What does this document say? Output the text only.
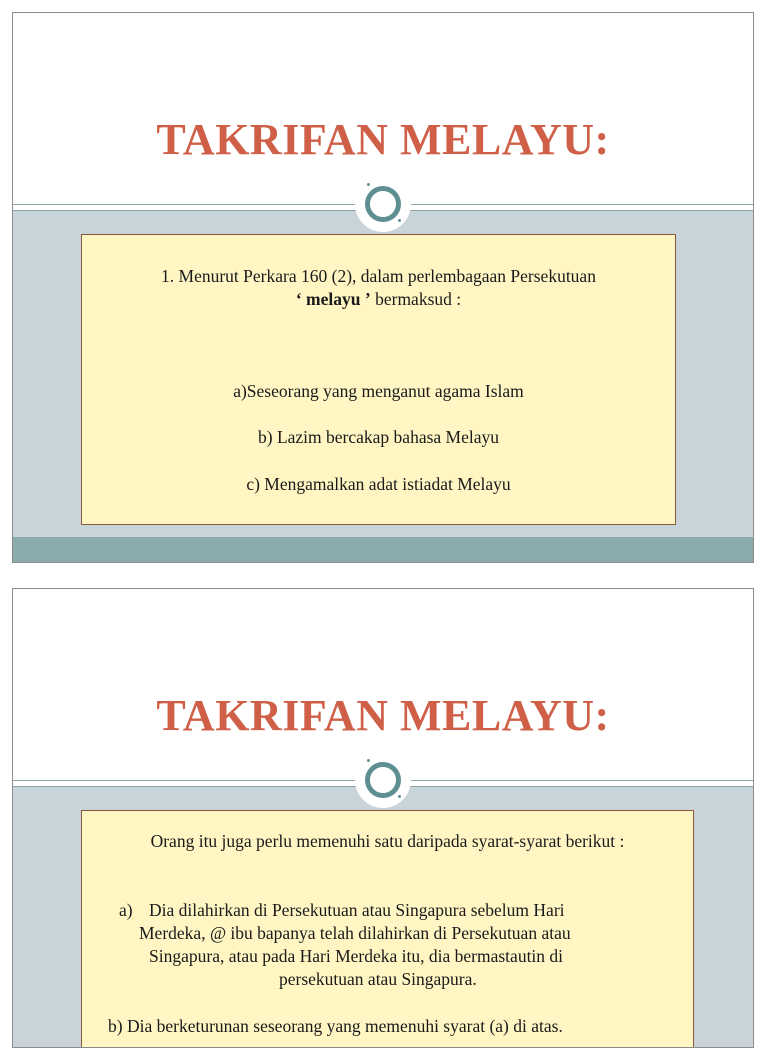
TAKRIFAN MELAYU:
1. Menurut Perkara 160 (2), dalam perlembagaan Persekutuan
‘ melayu ’ bermaksud :
a)Seseorang yang menganut agama Islam
b) Lazim bercakap bahasa Melayu
c) Mengamalkan adat istiadat Melayu
TAKRIFAN MELAYU:
Orang itu juga perlu memenuhi satu daripada syarat-syarat berikut :
a) Dia dilahirkan di Persekutuan atau Singapura sebelum Hari
Merdeka, @ ibu bapanya telah dilahirkan di Persekutuan atau
Singapura, atau pada Hari Merdeka itu, dia bermastautin di
persekutuan atau Singapura.
b) Dia berketurunan seseorang yang memenuhi syarat (a) di atas.
